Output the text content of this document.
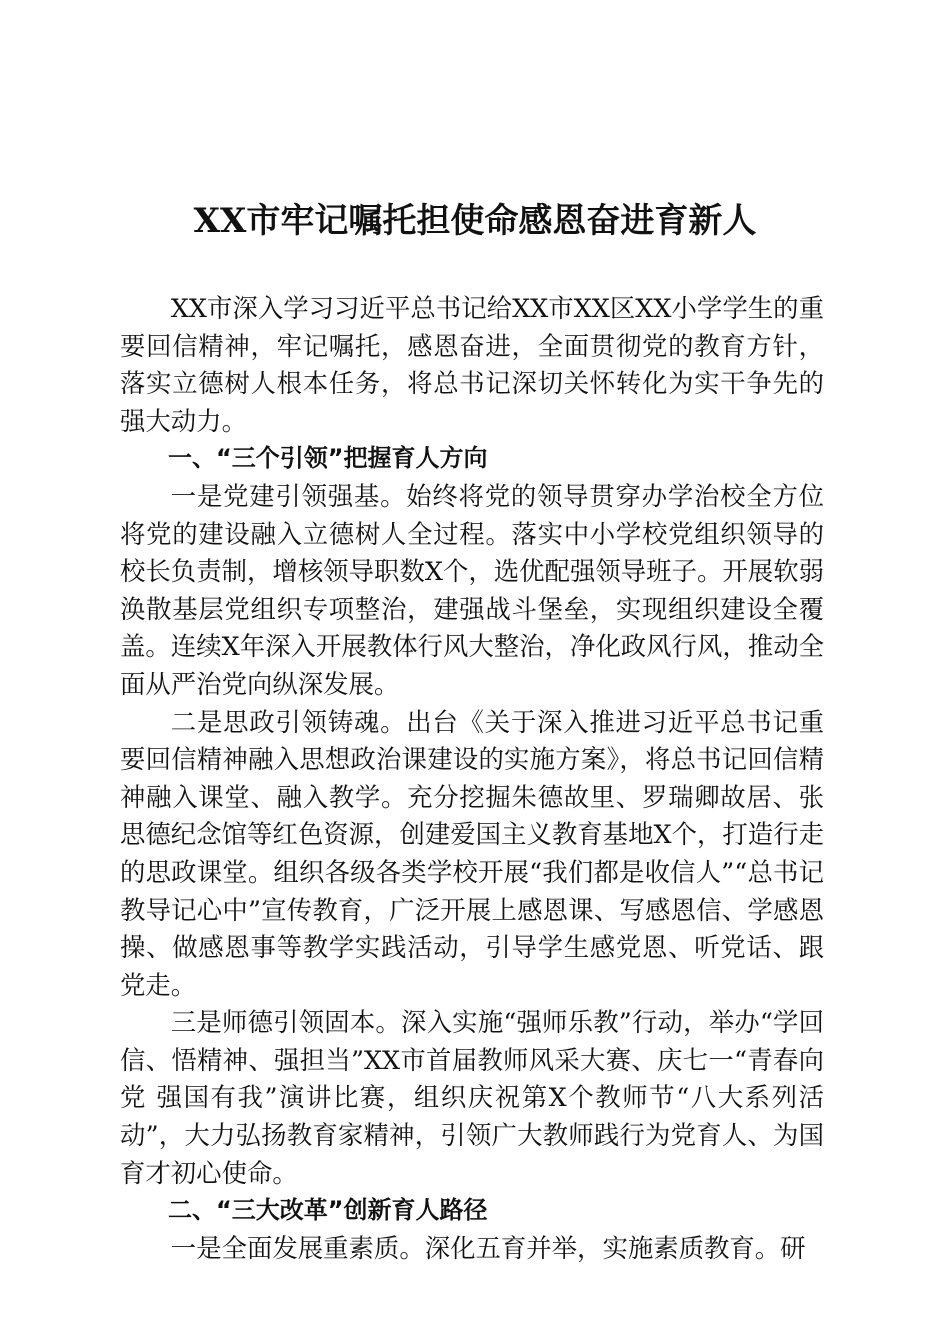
XX市牢记嘱托担使命感恩奋进育新人

XX市深入学习习近平总书记给XX市XX区XX小学学生的重要回信精神，牢记嘱托，感恩奋进，全面贯彻党的教育方针，落实立德树人根本任务，将总书记深切关怀转化为实干争先的强大动力。

一、“三个引领”把握育人方向

一是党建引领强基。始终将党的领导贯穿办学治校全方位将党的建设融入立德树人全过程。落实中小学校党组织领导的校长负责制，增核领导职数X个，选优配强领导班子。开展软弱涣散基层党组织专项整治，建强战斗堡垒，实现组织建设全覆盖。连续X年深入开展教体行风大整治，净化政风行风，推动全面从严治党向纵深发展。

二是思政引领铸魂。出台《关于深入推进习近平总书记重要回信精神融入思想政治课建设的实施方案》，将总书记回信精神融入课堂、融入教学。充分挖掘朱德故里、罗瑞卿故居、张思德纪念馆等红色资源，创建爱国主义教育基地X个，打造行走的思政课堂。组织各级各类学校开展“我们都是收信人”“总书记教导记心中”宣传教育，广泛开展上感恩课、写感恩信、学感恩操、做感恩事等教学实践活动，引导学生感党恩、听党话、跟党走。

三是师德引领固本。深入实施“强师乐教”行动，举办“学回信、悟精神、强担当”XX市首届教师风采大赛、庆七一“青春向党 强国有我”演讲比赛，组织庆祝第X个教师节“八大系列活动”，大力弘扬教育家精神，引领广大教师践行为党育人、为国育才初心使命。

二、“三大改革”创新育人路径

一是全面发展重素质。深化五育并举，实施素质教育。研
